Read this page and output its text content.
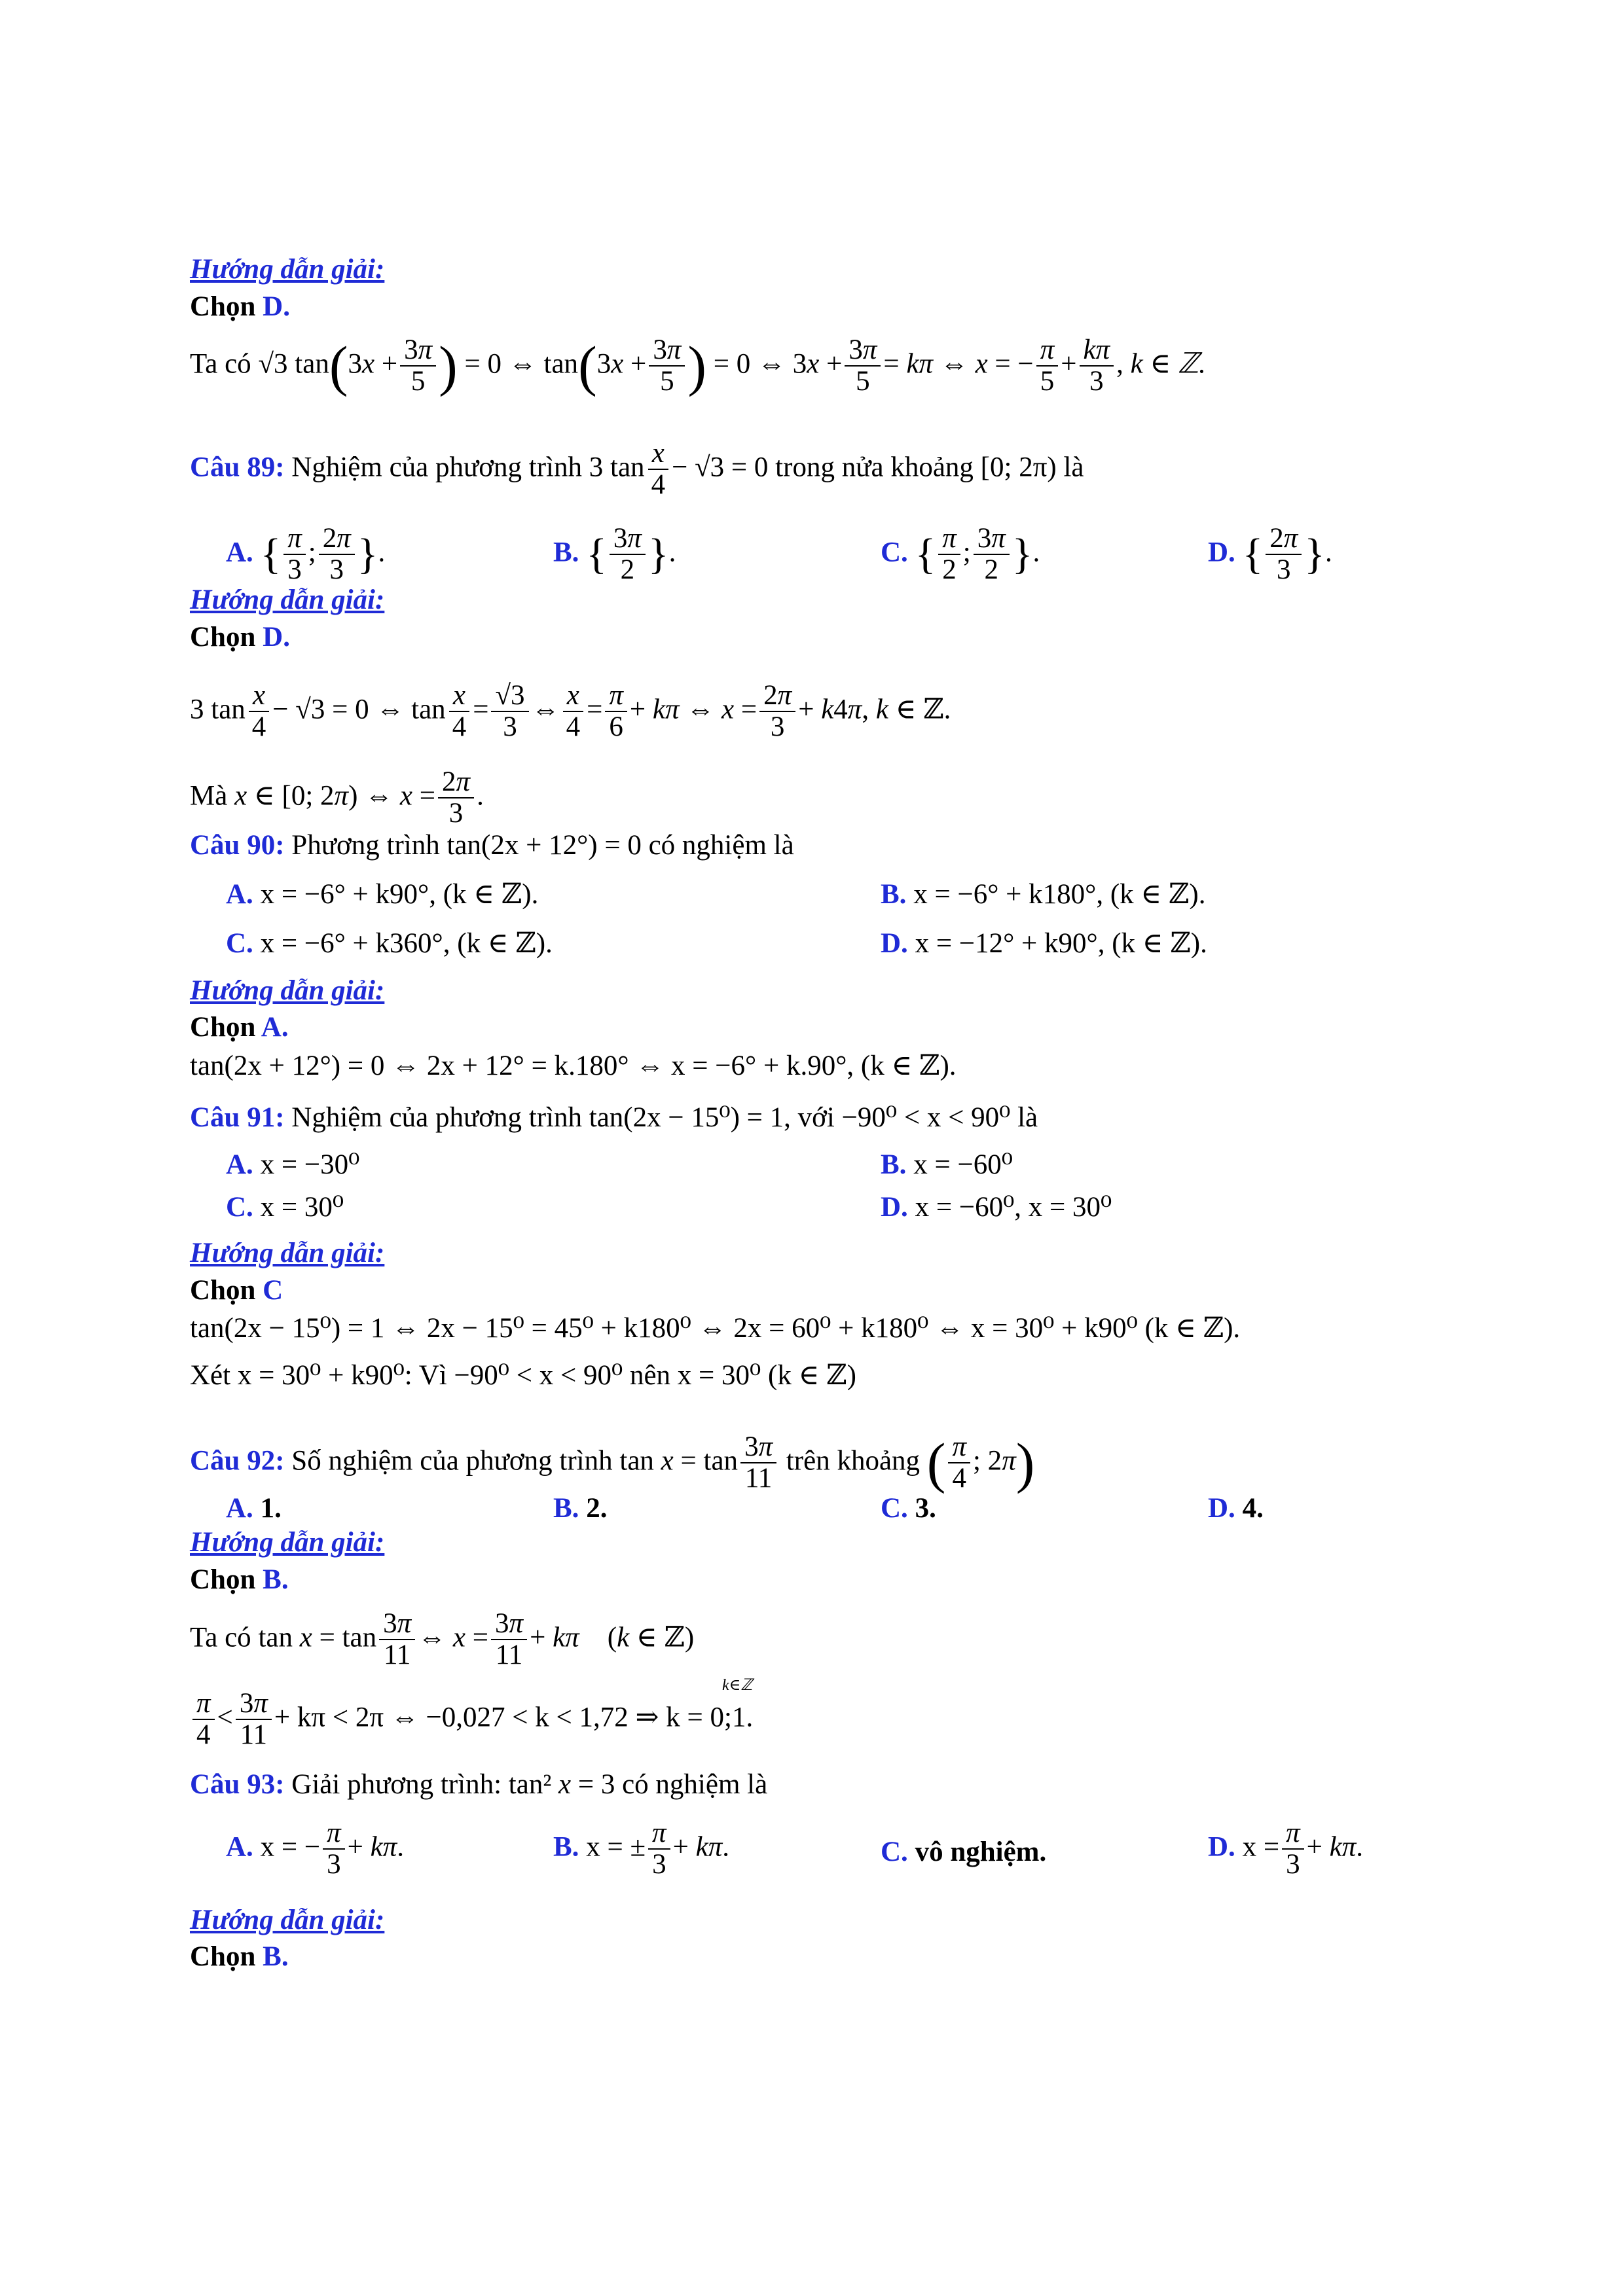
Hướng dẫn giải:
Chọn D.
Ta có √3 $\tan(3x + \frac{3\pi}{5}$ ) = 0 ⇔ $\tan(3x + \frac{3\pi}{5}$ ) = 0 ⇔ $3x + \frac{3\pi}{5} = k\pi$ ⇔ x = − $\frac{\pi}{5} + \frac{k\pi}{3}$ , k ∈ ℤ.
Câu 89: Nghiệm của phương trình 3 $\tan \frac{x}{4} - √3 = 0$ trong nửa khoảng [0; 2π) là
A. { $\frac{\pi}{3}$ ; $\frac{2\pi}{3}$ }.	B. { $\frac{3\pi}{2}$ }.	C. { $\frac{\pi}{2}$ ; $\frac{3\pi}{2}$ }.	D. { $\frac{2\pi}{3}$ }.
Hướng dẫn giải:
Chọn D.
3 $\tan \frac{x}{4} - √3 = 0$ ⇔ $\tan \frac{x}{4} = \frac{√3}{3}$ ⇔ $\frac{x}{4} = \frac{\pi}{6} + k\pi$ ⇔ $x = \frac{2\pi}{3} + k4\pi$, k ∈ ℤ.
Mà x ∈ [0; 2π) ⇔ $x = \frac{2\pi}{3}$ .
Câu 90: Phương trình tan(2x + 12°) = 0 có nghiệm là
A. x = −6° + k90°, (k ∈ ℤ).	B. x = −6° + k180°, (k ∈ ℤ).
C. x = −6° + k360°, (k ∈ ℤ).	D. x = −12° + k90°, (k ∈ ℤ).
Hướng dẫn giải:
Chọn A.
tan(2x + 12°) = 0 ⇔ 2x + 12° = k.180° ⇔ x = −6° + k.90°, (k ∈ ℤ).
Câu 91: Nghiệm của phương trình tan(2x − 15⁰) = 1, với −90⁰ < x < 90⁰ là
A. x = −30⁰	B. x = −60⁰
C. x = 30⁰	D. x = −60⁰, x = 30⁰
Hướng dẫn giải:
Chọn C
tan(2x − 15⁰) = 1 ⇔ 2x − 15⁰ = 45⁰ + k180⁰ ⇔ 2x = 60⁰ + k180⁰ ⇔ x = 30⁰ + k90⁰ (k ∈ ℤ).
Xét x = 30⁰ + k90⁰: Vì −90⁰ < x < 90⁰ nên x = 30⁰ (k ∈ ℤ)
Câu 92: Số nghiệm của phương trình $\tan x = \tan \frac{3\pi}{11}$ trên khoảng ( $\frac{\pi}{4}$ ; 2π)
A. 1.	B. 2.	C. 3.	D. 4.
Hướng dẫn giải:
Chọn B.
Ta có $\tan x = \tan \frac{3\pi}{11}$ ⇔ $x = \frac{3\pi}{11} + k\pi$    (k ∈ ℤ)
$\frac{\pi}{4} < \frac{3\pi}{11} + k\pi < 2\pi$ ⇔ −0,027 < k < 1,72 ⇒ k = 0;1.
k∈ℤ
Câu 93: Giải phương trình: tan² x = 3 có nghiệm là
A. x = − $\frac{\pi}{3} + k\pi$.	B. x = ± $\frac{\pi}{3} + k\pi$.	C. vô nghiệm.	D. $x = \frac{\pi}{3} + k\pi$.
Hướng dẫn giải:
Chọn B.
